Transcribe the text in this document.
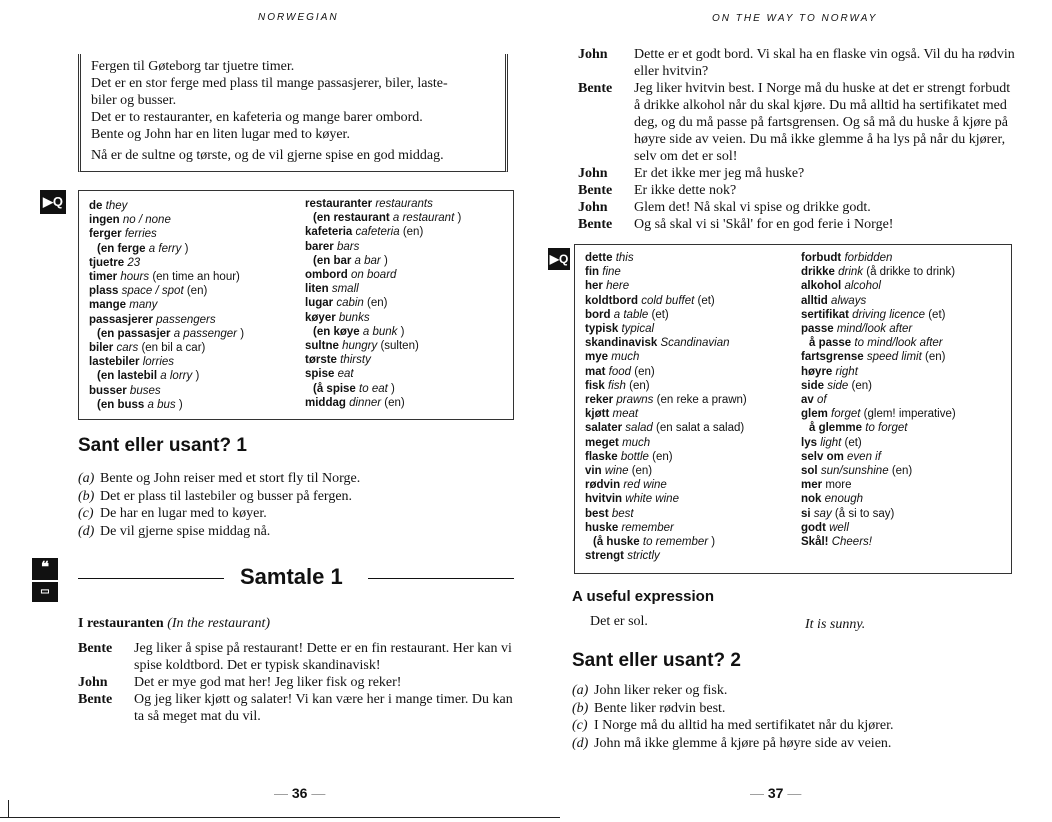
NORWEGIAN	ON THE WAY TO NORWAY

Fergen til Gøteborg tar tjuetre timer.

Det er en stor ferge med plass til mange passasjerer, biler, laste-

biler og busser.

Det er to restauranter, en kafeteria og mange barer ombord.

Bente og John har en liten lugar med to køyer.

Nå er de sultne og tørste, og de vil gjerne spise en god middag.

▶Q de they
ingen no / none
ferger ferries
(en ferge a ferry )
tjuetre 23
timer hours (en time an hour)
plass space / spot (en)
mange many
passasjerer passengers
(en passasjer a passenger )
biler cars (en bil a car)
lastebiler lorries
(en lastebil a lorry )
busser buses
(en buss a bus )
restauranter restaurants
(en restaurant a restaurant )
kafeteria cafeteria (en)
barer bars
(en bar a bar )
ombord on board
liten small
lugar cabin (en)
køyer bunks
(en køye a bunk )
sultne hungry (sulten)
tørste thirsty
spise eat
(å spise to eat )
middag dinner (en)
Sant eller usant? 1
(a) Bente og John reiser med et stort fly til Norge.
(b) Det er plass til lastebiler og busser på fergen.
(c) De har en lugar med to køyer.
(d) De vil gjerne spise middag nå.
❝
▭
Samtale 1
I restauranten (In the restaurant)
Bente	Jeg liker å spise på restaurant! Dette er en fin restaurant. Her kan vi spise koldtbord. Det er typisk skandinavisk!
John	Det er mye god mat her! Jeg liker fisk og reker!
Bente	Og jeg liker kjøtt og salater! Vi kan være her i mange timer. Du kan ta så meget mat du vil.
— 36 —
John	Dette er et godt bord. Vi skal ha en flaske vin også. Vil du ha rødvin eller hvitvin?
Bente	Jeg liker hvitvin best. I Norge må du huske at det er strengt forbudt å drikke alkohol når du skal kjøre. Du må alltid ha sertifikatet med deg, og du må passe på fartsgrensen. Og så må du huske å kjøre på høyre side av veien. Du må ikke glemme å ha lys på når du kjører, selv om det er sol!
John	Er det ikke mer jeg må huske?
Bente	Er ikke dette nok?
John	Glem det! Nå skal vi spise og drikke godt.
Bente	Og så skal vi si 'Skål' for en god ferie i Norge!
▶Q dette this
fin fine
her here
koldtbord cold buffet (et)
bord a table (et)
typisk typical
skandinavisk Scandinavian
mye much
mat food (en)
fisk fish (en)
reker prawns (en reke a prawn)
kjøtt meat
salater salad (en salat a salad)
meget much
flaske bottle (en)
vin wine (en)
rødvin red wine
hvitvin white wine
best best
huske remember
(å huske to remember )
strengt strictly
forbudt forbidden
drikke drink (å drikke to drink)
alkohol alcohol
alltid always
sertifikat driving licence (et)
passe mind/look after
å passe to mind/look after
fartsgrense speed limit (en)
høyre right
side side (en)
av of
glem forget (glem! imperative)
å glemme to forget
lys light (et)
selv om even if
sol sun/sunshine (en)
mer more
nok enough
si say (å si to say)
godt well
Skål! Cheers!
A useful expression
Det er sol.	It is sunny.
Sant eller usant? 2
(a) John liker reker og fisk.
(b) Bente liker rødvin best.
(c) I Norge må du alltid ha med sertifikatet når du kjører.
(d) John må ikke glemme å kjøre på høyre side av veien.
— 37 —
